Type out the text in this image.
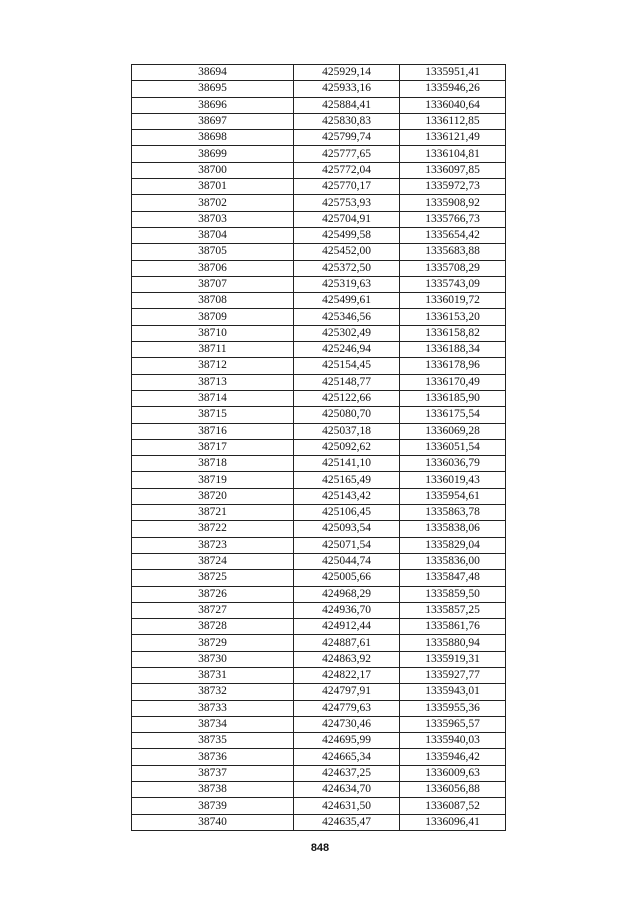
38694	425929,14	1335951,41
38695	425933,16	1335946,26
38696	425884,41	1336040,64
38697	425830,83	1336112,85
38698	425799,74	1336121,49
38699	425777,65	1336104,81
38700	425772,04	1336097,85
38701	425770,17	1335972,73
38702	425753,93	1335908,92
38703	425704,91	1335766,73
38704	425499,58	1335654,42
38705	425452,00	1335683,88
38706	425372,50	1335708,29
38707	425319,63	1335743,09
38708	425499,61	1336019,72
38709	425346,56	1336153,20
38710	425302,49	1336158,82
38711	425246,94	1336188,34
38712	425154,45	1336178,96
38713	425148,77	1336170,49
38714	425122,66	1336185,90
38715	425080,70	1336175,54
38716	425037,18	1336069,28
38717	425092,62	1336051,54
38718	425141,10	1336036,79
38719	425165,49	1336019,43
38720	425143,42	1335954,61
38721	425106,45	1335863,78
38722	425093,54	1335838,06
38723	425071,54	1335829,04
38724	425044,74	1335836,00
38725	425005,66	1335847,48
38726	424968,29	1335859,50
38727	424936,70	1335857,25
38728	424912,44	1335861,76
38729	424887,61	1335880,94
38730	424863,92	1335919,31
38731	424822,17	1335927,77
38732	424797,91	1335943,01
38733	424779,63	1335955,36
38734	424730,46	1335965,57
38735	424695,99	1335940,03
38736	424665,34	1335946,42
38737	424637,25	1336009,63
38738	424634,70	1336056,88
38739	424631,50	1336087,52
38740	424635,47	1336096,41
848
